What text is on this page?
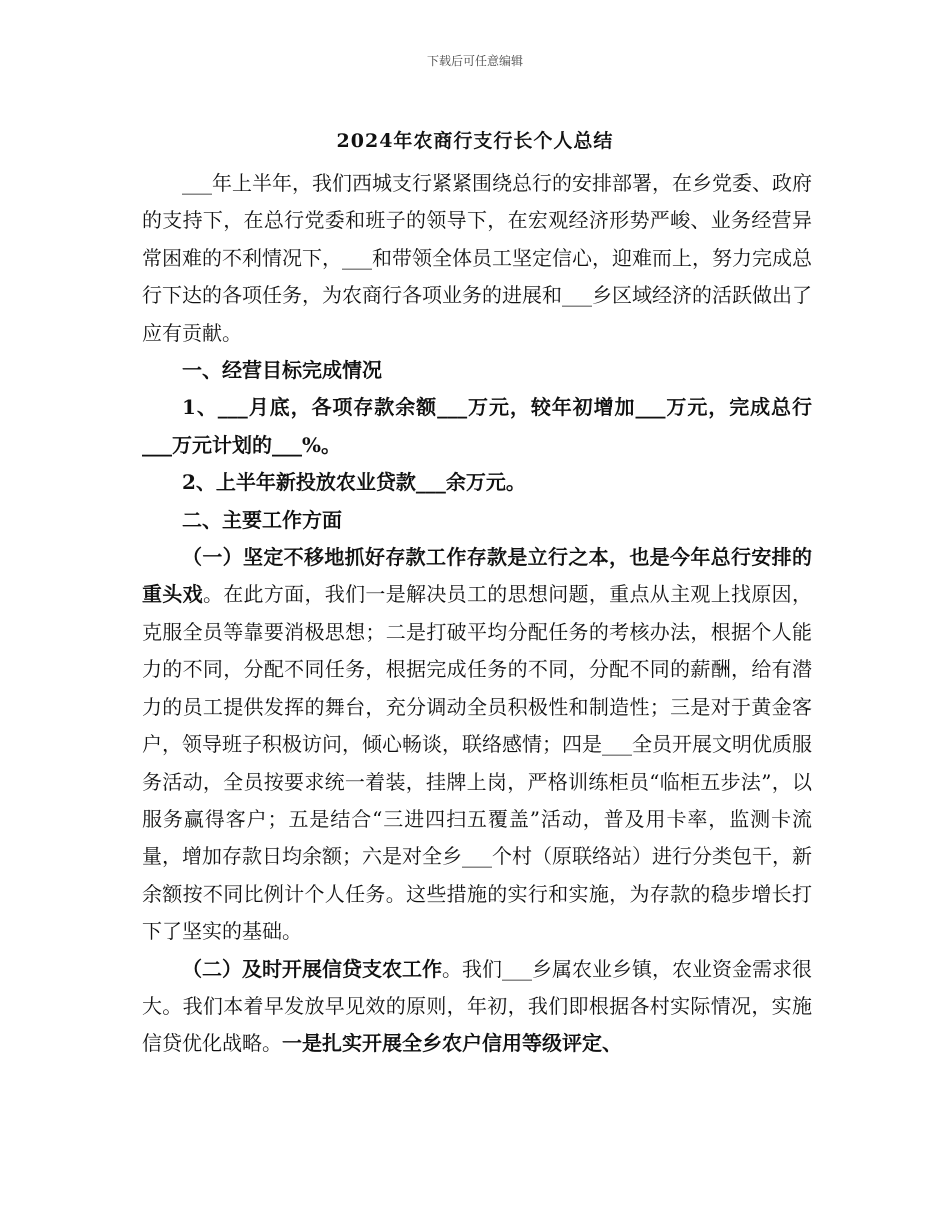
下载后可任意编辑
2024年农商行支行长个人总结

___年上半年，我们西城支行紧紧围绕总行的安排部署，在乡党委、政府的支持下，在总行党委和班子的领导下，在宏观经济形势严峻、业务经营异常困难的不利情况下，___和带领全体员工坚定信心，迎难而上，努力完成总行下达的各项任务，为农商行各项业务的进展和___乡区域经济的活跃做出了应有贡献。

一、经营目标完成情况

1、___月底，各项存款余额___万元，较年初增加___万元，完成总行___万元计划的___%。

2、上半年新投放农业贷款___余万元。

二、主要工作方面

（一）坚定不移地抓好存款工作存款是立行之本，也是今年总行安排的重头戏。在此方面，我们一是解决员工的思想问题，重点从主观上找原因，克服全员等靠要消极思想；二是打破平均分配任务的考核办法，根据个人能力的不同，分配不同任务，根据完成任务的不同，分配不同的薪酬，给有潜力的员工提供发挥的舞台，充分调动全员积极性和制造性；三是对于黄金客户，领导班子积极访问，倾心畅谈，联络感情；四是___全员开展文明优质服务活动，全员按要求统一着装，挂牌上岗，严格训练柜员“临柜五步法”，以服务赢得客户；五是结合“三进四扫五覆盖”活动，普及用卡率，监测卡流量，增加存款日均余额；六是对全乡___个村（原联络站）进行分类包干，新余额按不同比例计个人任务。这些措施的实行和实施，为存款的稳步增长打下了坚实的基础。

（二）及时开展信贷支农工作。我们___乡属农业乡镇，农业资金需求很大。我们本着早发放早见效的原则，年初，我们即根据各村实际情况，实施信贷优化战略。一是扎实开展全乡农户信用等级评定、
